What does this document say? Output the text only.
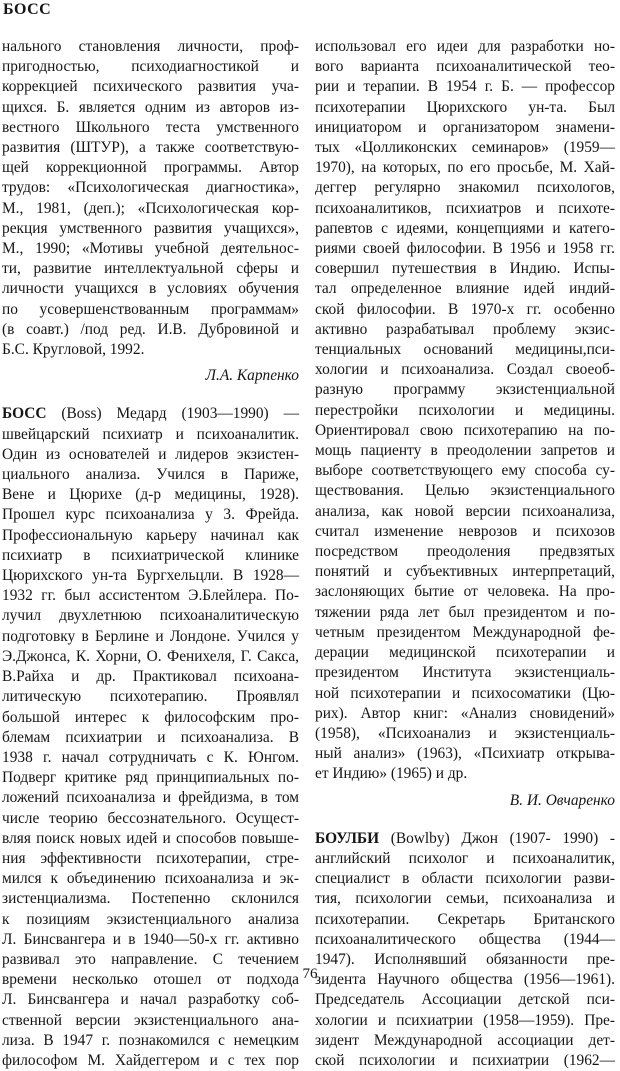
БОСС
нального становления личности, проф-
пригодностью, психодиагностикой и
коррекцией психического развития уча-
щихся. Б. является одним из авторов из-
вестного Школьного теста умственного
развития (ШТУР), а также соответствую-
щей коррекционной программы. Автор
трудов: «Психологическая диагностика»,
М., 1981, (деп.); «Психологическая кор-
рекция умственного развития учащихся»,
М., 1990; «Мотивы учебной деятельнос-
ти, развитие интеллектуальной сферы и
личности учащихся в условиях обучения
по усовершенствованным программам»
(в соавт.) /под ред. И.В. Дубровиной и
Б.С. Кругловой, 1992.
Л.А. Карпенко
БОСС (Boss) Медард (1903—1990) —
швейцарский психиатр и психоаналитик.
Один из основателей и лидеров экзистен-
циального анализа. Учился в Париже,
Вене и Цюрихе (д-р медицины, 1928).
Прошел курс психоанализа у 3. Фрейда.
Профессиональную карьеру начинал как
психиатр в психиатрической клинике
Цюрихского ун-та Бургхельцли. В 1928—
1932 гг. был ассистентом Э.Блейлера. По-
лучил двухлетнюю психоаналитическую
подготовку в Берлине и Лондоне. Учился у
Э.Джонса, К. Хорни, О. Фенихеля, Г. Сакса,
В.Райха и др. Практиковал психоана-
литическую психотерапию. Проявлял
большой интерес к философским про-
блемам психиатрии и психоанализа. В
1938 г. начал сотрудничать с К. Юнгом.
Подверг критике ряд принципиальных по-
ложений психоанализа и фрейдизма, в том
числе теорию бессознательного. Осущест-
вляя поиск новых идей и способов повыше-
ния эффективности психотерапии, стре-
мился к объединению психоанализа и эк-
зистенциализма. Постепенно склонился
к позициям экзистенциального анализа
Л. Бинсвангера и в 1940—50-х гг. активно
развивал это направление. С течением
времени несколько отошел от подхода
Л. Бинсвангера и начал разработку соб-
ственной версии экзистенциального ана-
лиза. В 1947 г. познакомился с немецким
философом М. Хайдеггером и с тех пор
использовал его идеи для разработки но-
вого варианта психоаналитической тео-
рии и терапии. В 1954 г. Б. — профессор
психотерапии Цюрихского ун-та. Был
инициатором и организатором знамени-
тых «Цолликонских семинаров» (1959—
1970), на которых, по его просьбе, М. Хай-
деггер регулярно знакомил психологов,
психоаналитиков, психиатров и психоте-
рапевтов с идеями, концепциями и катего-
риями своей философии. В 1956 и 1958 гг.
совершил путешествия в Индию. Испы-
тал определенное влияние идей индий-
ской философии. В 1970-х гг. особенно
активно разрабатывал проблему экзис-
тенциальных оснований медицины,пси-
хологии и психоанализа. Создал своеоб-
разную программу экзистенциальной
перестройки психологии и медицины.
Ориентировал свою психотерапию на по-
мощь пациенту в преодолении запретов и
выборе соответствующего ему способа су-
ществования. Целью экзистенциального
анализа, как новой версии психоанализа,
считал изменение неврозов и психозов
посредством преодоления предвзятых
понятий и субъективных интерпретаций,
заслоняющих бытие от человека. На про-
тяжении ряда лет был президентом и по-
четным президентом Международной фе-
дерации медицинской психотерапии и
президентом Института экзистенциаль-
ной психотерапии и психосоматики (Цю-
рих). Автор книг: «Анализ сновидений»
(1958), «Психоанализ и экзистенциаль-
ный анализ» (1963), «Психиатр открыва-
ет Индию» (1965) и др.
В. И. Овчаренко
БОУЛБИ (Bowlby) Джон (1907- 1990) -
английский психолог и психоаналитик,
специалист в области психологии разви-
тия, психологии семьи, психоанализа и
психотерапии. Секретарь Британского
психоаналитического общества (1944—
1947). Исполнявший обязанности пре-
зидента Научного общества (1956—1961).
Председатель Ассоциации детской пси-
хологии и психиатрии (1958—1959). Пре-
зидент Международной ассоциации дет-
ской психологии и психиатрии (1962—
76
